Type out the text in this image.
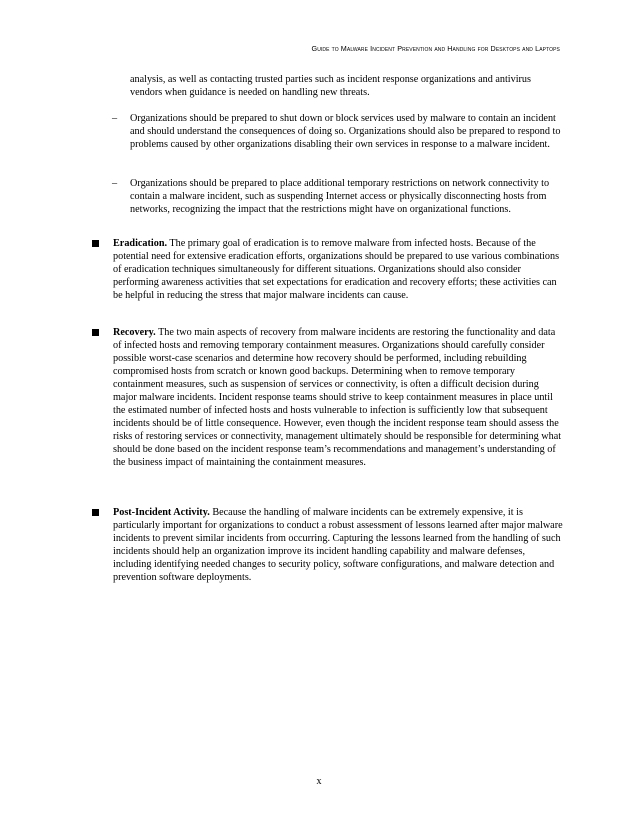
Guide to Malware Incident Prevention and Handling for Desktops and Laptops
analysis, as well as contacting trusted parties such as incident response organizations and antivirus vendors when guidance is needed on handling new threats.
– Organizations should be prepared to shut down or block services used by malware to contain an incident and should understand the consequences of doing so. Organizations should also be prepared to respond to problems caused by other organizations disabling their own services in response to a malware incident.
– Organizations should be prepared to place additional temporary restrictions on network connectivity to contain a malware incident, such as suspending Internet access or physically disconnecting hosts from networks, recognizing the impact that the restrictions might have on organizational functions.
Eradication. The primary goal of eradication is to remove malware from infected hosts. Because of the potential need for extensive eradication efforts, organizations should be prepared to use various combinations of eradication techniques simultaneously for different situations. Organizations should also consider performing awareness activities that set expectations for eradication and recovery efforts; these activities can be helpful in reducing the stress that major malware incidents can cause.
Recovery. The two main aspects of recovery from malware incidents are restoring the functionality and data of infected hosts and removing temporary containment measures. Organizations should carefully consider possible worst-case scenarios and determine how recovery should be performed, including rebuilding compromised hosts from scratch or known good backups. Determining when to remove temporary containment measures, such as suspension of services or connectivity, is often a difficult decision during major malware incidents. Incident response teams should strive to keep containment measures in place until the estimated number of infected hosts and hosts vulnerable to infection is sufficiently low that subsequent incidents should be of little consequence. However, even though the incident response team should assess the risks of restoring services or connectivity, management ultimately should be responsible for determining what should be done based on the incident response team’s recommendations and management’s understanding of the business impact of maintaining the containment measures.
Post-Incident Activity. Because the handling of malware incidents can be extremely expensive, it is particularly important for organizations to conduct a robust assessment of lessons learned after major malware incidents to prevent similar incidents from occurring. Capturing the lessons learned from the handling of such incidents should help an organization improve its incident handling capability and malware defenses, including identifying needed changes to security policy, software configurations, and malware detection and prevention software deployments.
x
